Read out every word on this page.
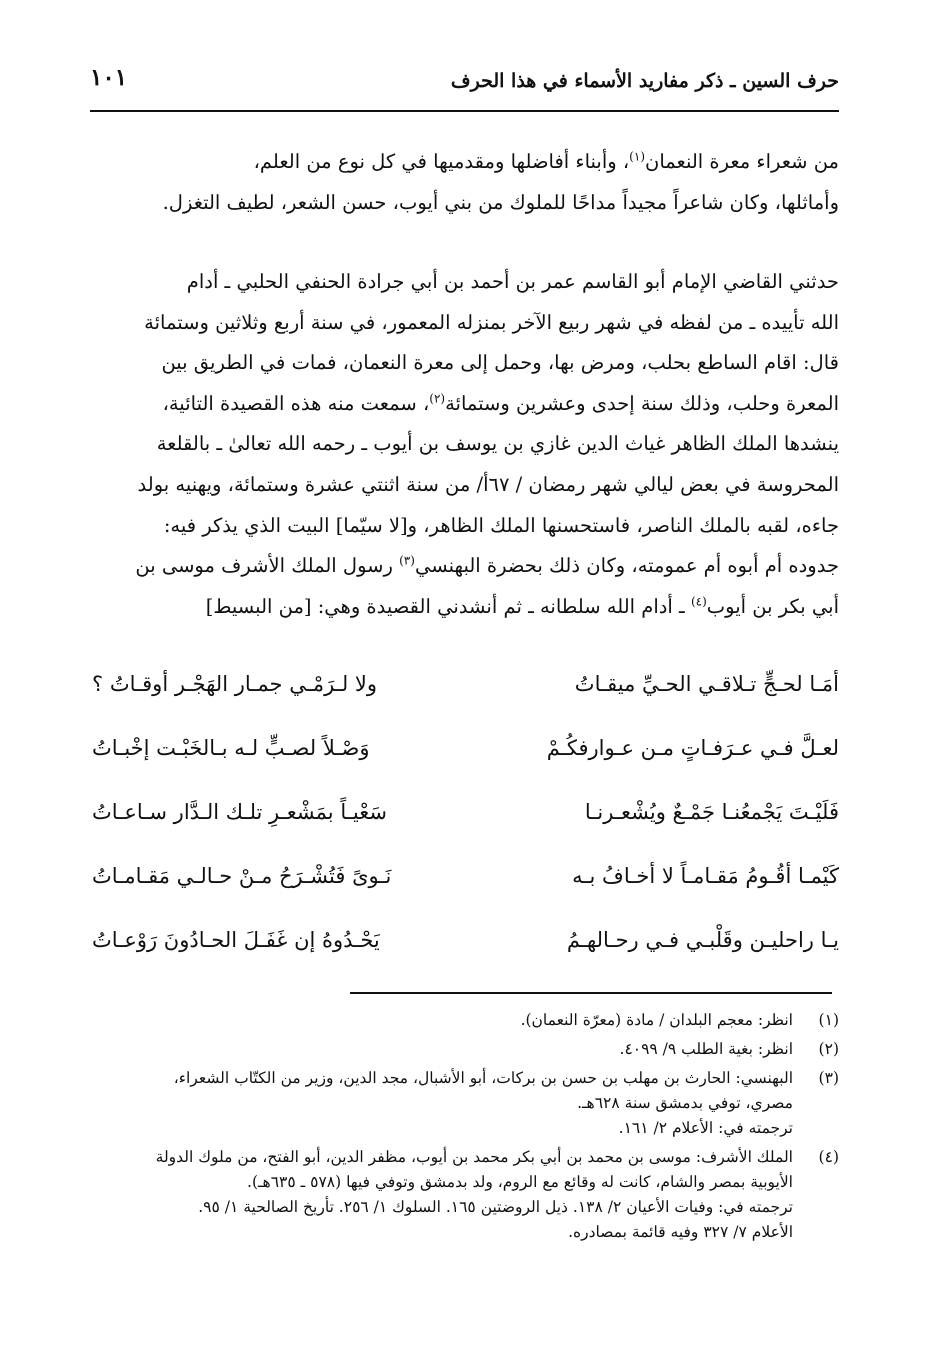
١٠١	حرف السين ـ ذكر مفاريد الأسماء في هذا الحرف

من شعراء معرة النعمان$^{(١)}$، وأبناء أفاضلها ومقدميها في كل نوع من العلم،
وأماثلها، وكان شاعراً مجيداً مداحًا للملوك من بني أيوب، حسن الشعر، لطيف التغزل.

حدثني القاضي الإمام أبو القاسم عمر بن أحمد بن أبي جرادة الحنفي الحلبي ـ أدام
الله تأييده ـ من لفظه في شهر ربيع الآخر بمنزله المعمور، في سنة أربع وثلاثين وستمائة
قال: اقام الساطع بحلب، ومرض بها، وحمل إلى معرة النعمان، فمات في الطريق بين
المعرة وحلب، وذلك سنة إحدى وعشرين وستمائة$^{(٢)}$، سمعت منه هذه القصيدة التائية،
ينشدها الملك الظاهر غياث الدين غازي بن يوسف بن أيوب ـ رحمه الله تعالىٰ ـ بالقلعة
المحروسة في بعض ليالي شهر رمضان / ٦٧أ/ من سنة اثنتي عشرة وستمائة، ويهنيه بولد
جاءه، لقبه بالملك الناصر، فاستحسنها الملك الظاهر، و[لا سيّما] البيت الذي يذكر فيه:
جدوده أم أبوه أم عمومته، وكان ذلك بحضرة البهنسي$^{(٣)}$ رسول الملك الأشرف موسى بن
أبي بكر بن أيوب$^{(٤)}$ ـ أدام الله سلطانه ـ ثم أنشدني القصيدة وهي: [من البسيط]

أمَـا لحـجٍّ تـلاقـي الحـيِّ ميقـاتُ
ولا لـرَمْـي جمـار الهَجْـر أوقـاتُ ؟
لعـلَّ فـي عـرَفـاتٍ مـن عـوارفكُـمْ
وَصْـلاً لصـبٍّ لـه بـالخَبْـت إخْبـاتُ
فَلَيْـتَ يَجْمعُنـا جَمْـعٌ ويُشْعـرنـا
سَعْيـاً بمَشْعـرِ تلـك الـدَّار سـاعـاتُ
كَيْمـا أقُـومُ مَقـامـاً لا أخـافُ بـه
نَـوىً فَتُشْـرَحُ مـنْ حـالـي مَقـامـاتُ
يـا راحليـن وقَلْبـي فـي رحـالهـمُ
يَحْـدُوهُ إن غَفَـلَ الحـادُونَ رَوْعـاتُ
(١)
انظر: معجم البلدان / مادة (معرّة النعمان).
(٢)
انظر: بغية الطلب ٩/ ٤٠٩٩.
(٣)
البهنسي: الحارث بن مهلب بن حسن بن بركات، أبو الأشبال، مجد الدين، وزير من الكتّاب الشعراء،
مصري، توفي بدمشق سنة ٦٢٨هـ.
ترجمته في: الأعلام ٢/ ١٦١.
(٤)
الملك الأشرف: موسى بن محمد بن أبي بكر محمد بن أيوب، مظفر الدين، أبو الفتح، من ملوك الدولة
الأيوبية بمصر والشام، كانت له وقائع مع الروم، ولد بدمشق وتوفي فيها (٥٧٨ ـ ٦٣٥هـ).
ترجمته في: وفيات الأعيان ٢/ ١٣٨. ذيل الروضتين ١٦٥. السلوك ١/ ٢٥٦. تأريخ الصالحية ١/ ٩٥.
الأعلام ٧/ ٣٢٧ وفيه قائمة بمصادره.
